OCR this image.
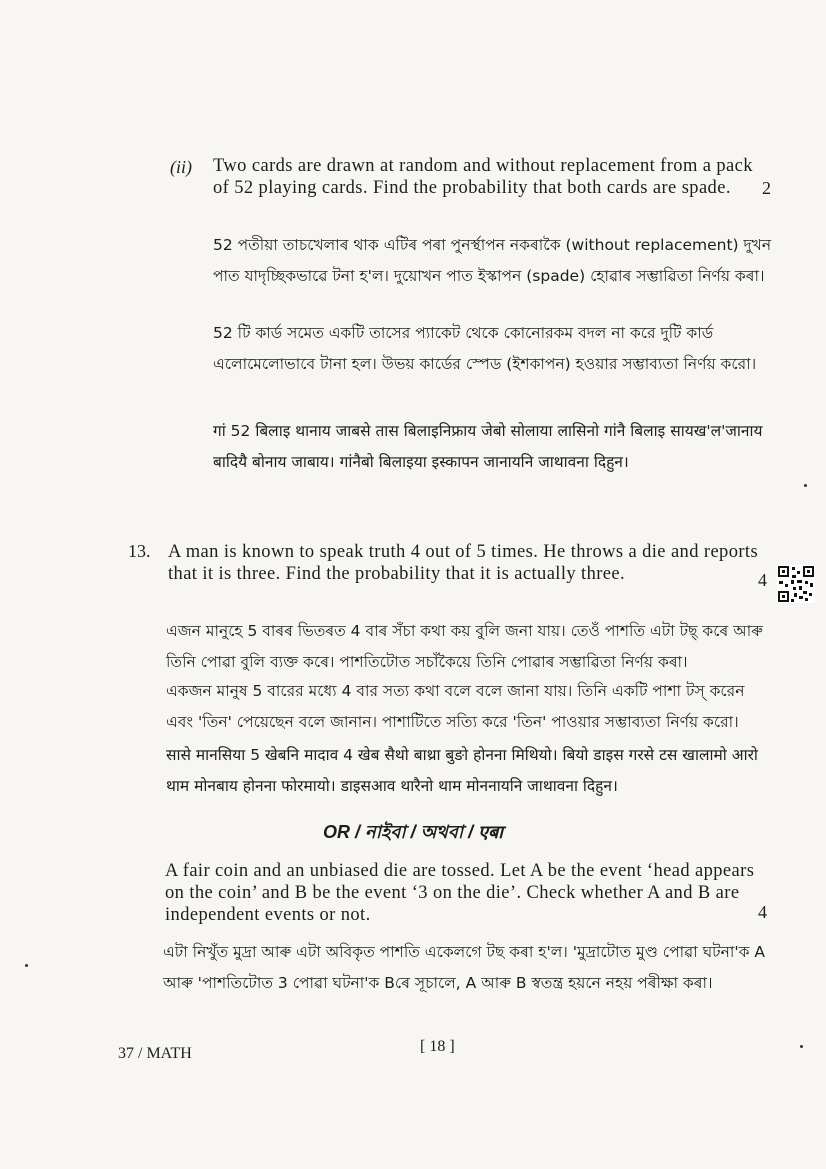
(ii) Two cards are drawn at random and without replacement from a pack of 52 playing cards. Find the probability that both cards are spade.	2

52 পতীয়া তাচখেলাৰ থাক এটিৰ পৰা পুনৰ্স্থাপন নকৰাকৈ (without replacement) দুখন পাত যাদৃচ্ছিকভাৱে টনা হ'ল। দুয়োখন পাত ইস্কাপন (spade) হোৱাৰ সম্ভাৱিতা নিৰ্ণয় কৰা।

52 টি কার্ড সমেত একটি তাসের প্যাকেট থেকে কোনোরকম বদল না করে দুটি কার্ড এলোমেলোভাবে টানা হল। উভয় কার্ডের স্পেড (ইশকাপন) হওয়ার সম্ভাব্যতা নির্ণয় করো।

गां 52 बिलाइ थानाय जाबसे तास बिलाइनिफ्राय जेबो सोलाया लासिनो गांनै बिलाइ सायख'ल'जानाय बादियै बोनाय जाबाय। गांनैबो बिलाइया इस्कापन जानायनि जाथावना दिहुन।

13. A man is known to speak truth 4 out of 5 times. He throws a die and reports that it is three. Find the probability that it is actually three.	4

এজন মানুহে 5 বাৰৰ ভিতৰত 4 বাৰ সঁচা কথা কয় বুলি জনা যায়। তেওঁ পাশতি এটা টছ্ কৰে আৰু তিনি পোৱা বুলি ব্যক্ত কৰে। পাশতিটোত সচাঁকৈয়ে তিনি পোৱাৰ সম্ভাৱিতা নিৰ্ণয় কৰা।

একজন মানুষ 5 বারের মধ্যে 4 বার সত্য কথা বলে বলে জানা যায়। তিনি একটি পাশা টস্ করেন এবং 'তিন' পেয়েছেন বলে জানান। পাশাটিতে সত্যি করে 'তিন' পাওয়ার সম্ভাব্যতা নির্ণয় করো।

सासे मानसिया 5 खेबनि मादाव 4 खेब सैथो बाथ्रा बुङो होनना मिथियो। बियो डाइस गरसे टस खालामो आरो थाम मोनबाय होनना फोरमायो। डाइसआव थारैनो थाम मोननायनि जाथावना दिहुन।

OR / নাইবা / অথবা / एबा

A fair coin and an unbiased die are tossed. Let A be the event ‘head appears on the coin’ and B be the event ‘3 on the die’. Check whether A and B are independent events or not.	4

এটা নিখুঁত মুদ্ৰা আৰু এটা অবিকৃত পাশতি একেলগে টছ কৰা হ'ল। 'মুদ্ৰাটোত মুণ্ড পোৱা ঘটনা'ক A আৰু 'পাশতিটোত 3 পোৱা ঘটনা'ক Bৰে সূচালে, A আৰু B স্বতন্ত্ৰ হয়নে নহয় পৰীক্ষা কৰা।

37 / MATH	[ 18 ]
